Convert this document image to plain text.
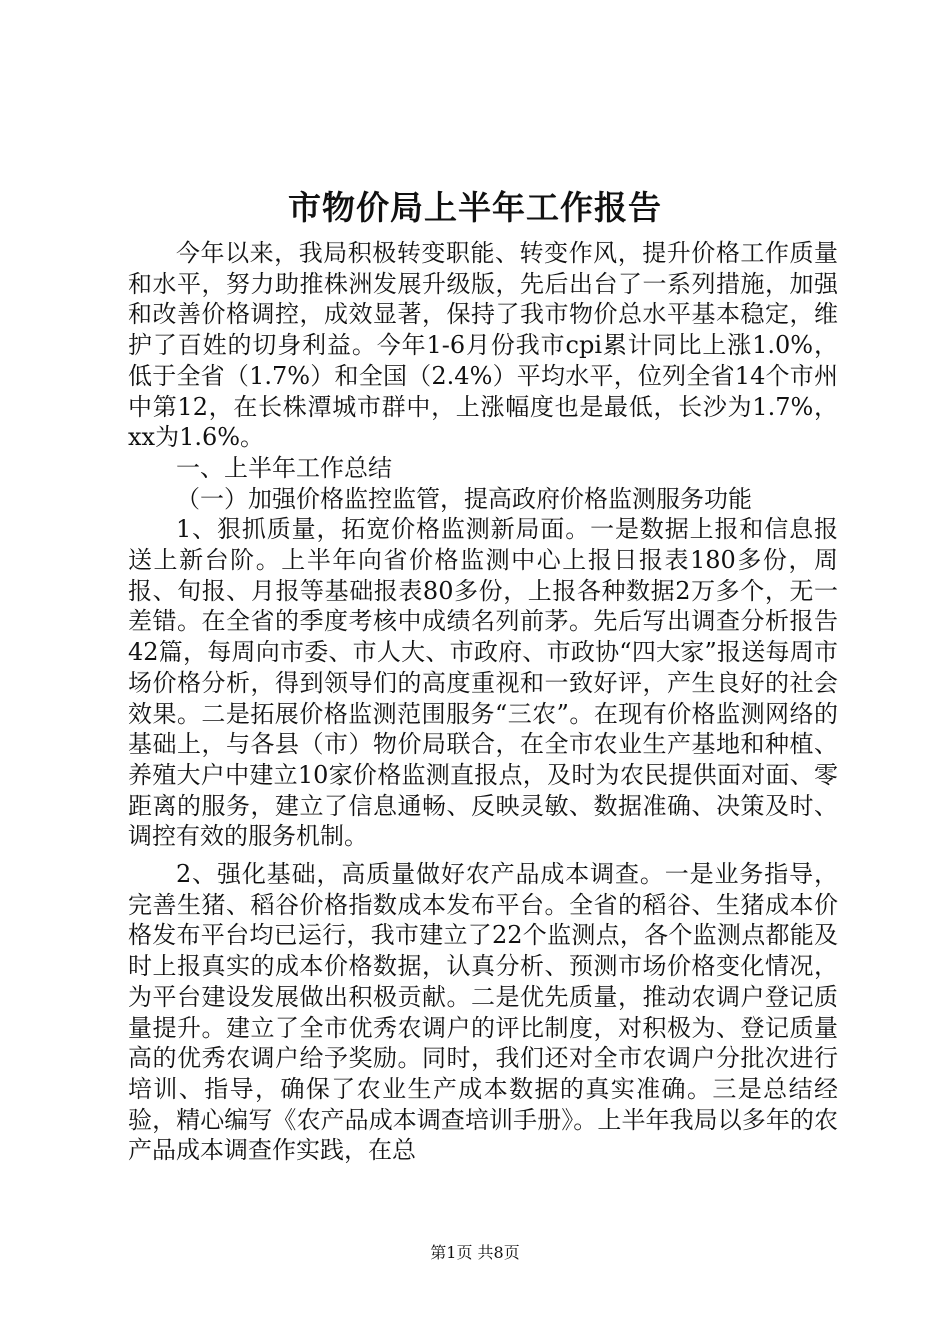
市物价局上半年工作报告

今年以来，我局积极转变职能、转变作风，提升价格工作质量和水平，努力助推株洲发展升级版，先后出台了一系列措施，加强和改善价格调控，成效显著，保持了我市物价总水平基本稳定，维护了百姓的切身利益。今年1-6月份我市cpi累计同比上涨1.0%，低于全省（1.7%）和全国（2.4%）平均水平，位列全省14个市州中第12，在长株潭城市群中，上涨幅度也是最低，长沙为1.7%，xx为1.6%。

一、上半年工作总结

（一）加强价格监控监管，提高政府价格监测服务功能

1、狠抓质量，拓宽价格监测新局面。一是数据上报和信息报送上新台阶。上半年向省价格监测中心上报日报表180多份，周报、旬报、月报等基础报表80多份，上报各种数据2万多个，无一差错。在全省的季度考核中成绩名列前茅。先后写出调查分析报告42篇，每周向市委、市人大、市政府、市政协“四大家”报送每周市场价格分析，得到领导们的高度重视和一致好评，产生良好的社会效果。二是拓展价格监测范围服务“三农”。在现有价格监测网络的基础上，与各县（市）物价局联合，在全市农业生产基地和种植、养殖大户中建立10家价格监测直报点，及时为农民提供面对面、零距离的服务，建立了信息通畅、反映灵敏、数据准确、决策及时、调控有效的服务机制。

2、强化基础，高质量做好农产品成本调查。一是业务指导，完善生猪、稻谷价格指数成本发布平台。全省的稻谷、生猪成本价格发布平台均已运行，我市建立了22个监测点，各个监测点都能及时上报真实的成本价格数据，认真分析、预测市场价格变化情况，为平台建设发展做出积极贡献。二是优先质量，推动农调户登记质量提升。建立了全市优秀农调户的评比制度，对积极为、登记质量高的优秀农调户给予奖励。同时，我们还对全市农调户分批次进行培训、指导，确保了农业生产成本数据的真实准确。三是总结经验，精心编写《农产品成本调查培训手册》。上半年我局以多年的农产品成本调查作实践，在总

第1页 共8页
